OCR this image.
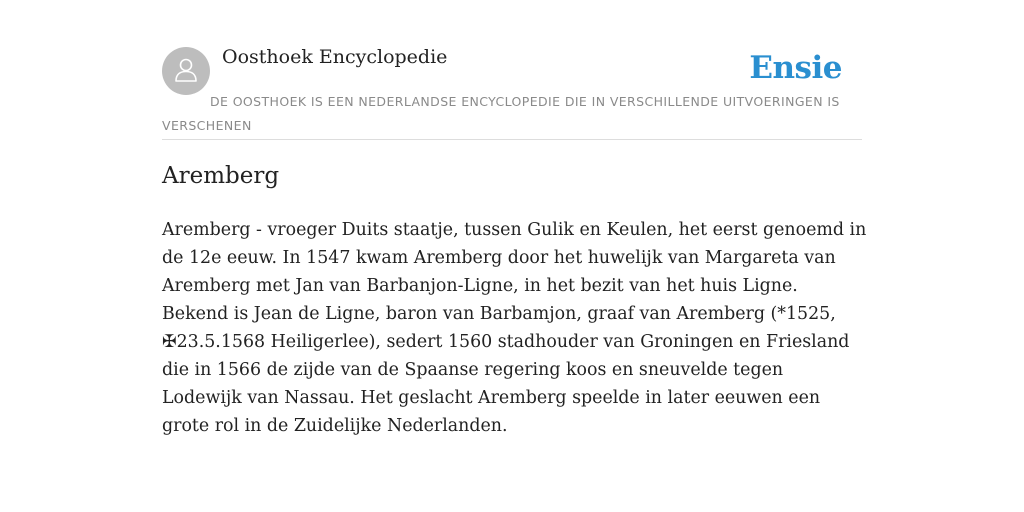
Oosthoek Encyclopedie	Ensie
DE OOSTHOEK IS EEN NEDERLANDSE ENCYCLOPEDIE DIE IN VERSCHILLENDE UITVOERINGEN IS VERSCHENEN
Aremberg

Aremberg - vroeger Duits staatje, tussen Gulik en Keulen, het eerst genoemd in de 12e eeuw. In 1547 kwam Aremberg door het huwelijk van Margareta van Aremberg met Jan van Barbanjon-Ligne, in het bezit van het huis Ligne. Bekend is Jean de Ligne, baron van Barbamjon, graaf van Aremberg (*1525, ✠23.5.1568 Heiligerlee), sedert 1560 stadhouder van Groningen en Friesland die in 1566 de zijde van de Spaanse regering koos en sneuvelde tegen Lodewijk van Nassau. Het geslacht Aremberg speelde in later eeuwen een grote rol in de Zuidelijke Nederlanden.
